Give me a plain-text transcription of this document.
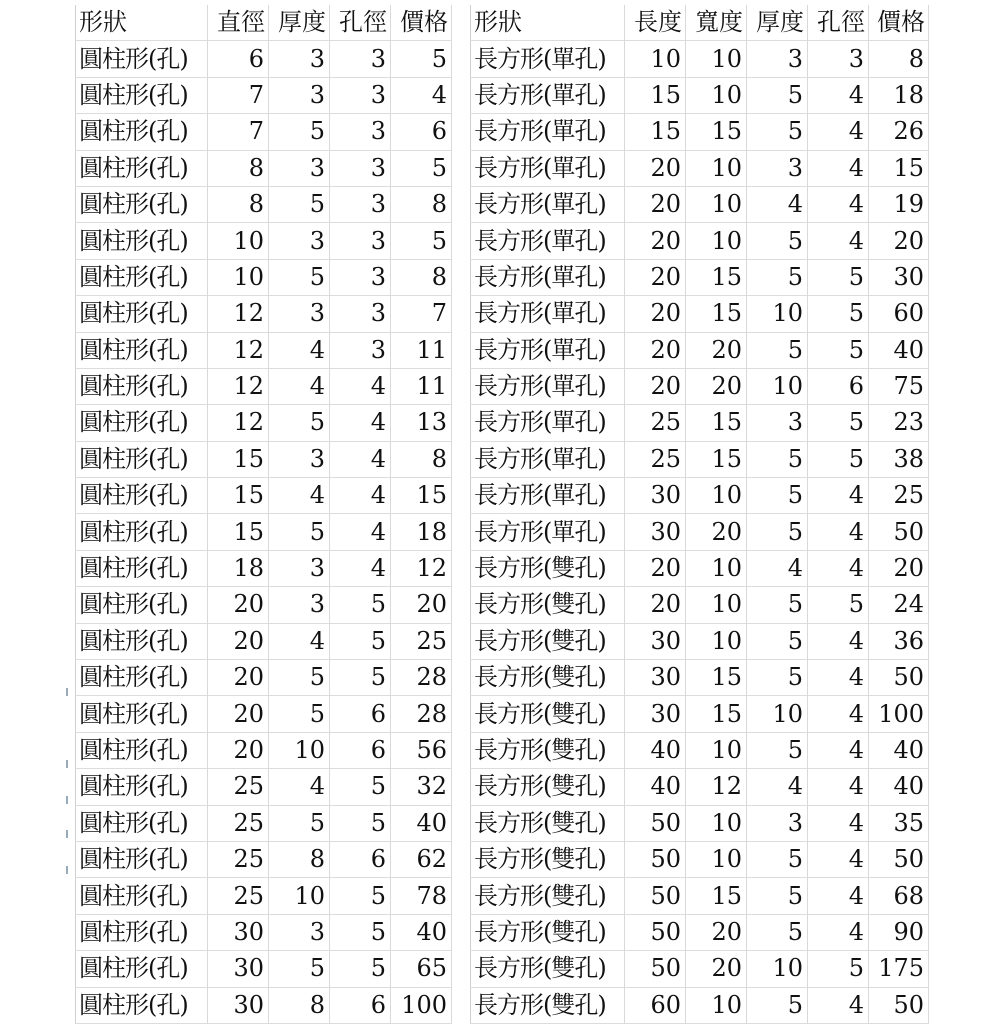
形狀	直徑	厚度	孔徑	價格
圓柱形(孔)	6	3	3	5
圓柱形(孔)	7	3	3	4
圓柱形(孔)	7	5	3	6
圓柱形(孔)	8	3	3	5
圓柱形(孔)	8	5	3	8
圓柱形(孔)	10	3	3	5
圓柱形(孔)	10	5	3	8
圓柱形(孔)	12	3	3	7
圓柱形(孔)	12	4	3	11
圓柱形(孔)	12	4	4	11
圓柱形(孔)	12	5	4	13
圓柱形(孔)	15	3	4	8
圓柱形(孔)	15	4	4	15
圓柱形(孔)	15	5	4	18
圓柱形(孔)	18	3	4	12
圓柱形(孔)	20	3	5	20
圓柱形(孔)	20	4	5	25
圓柱形(孔)	20	5	5	28
圓柱形(孔)	20	5	6	28
圓柱形(孔)	20	10	6	56
圓柱形(孔)	25	4	5	32
圓柱形(孔)	25	5	5	40
圓柱形(孔)	25	8	6	62
圓柱形(孔)	25	10	5	78
圓柱形(孔)	30	3	5	40
圓柱形(孔)	30	5	5	65
圓柱形(孔)	30	8	6	100
形狀	長度	寬度	厚度	孔徑	價格
長方形(單孔)	10	10	3	3	8
長方形(單孔)	15	10	5	4	18
長方形(單孔)	15	15	5	4	26
長方形(單孔)	20	10	3	4	15
長方形(單孔)	20	10	4	4	19
長方形(單孔)	20	10	5	4	20
長方形(單孔)	20	15	5	5	30
長方形(單孔)	20	15	10	5	60
長方形(單孔)	20	20	5	5	40
長方形(單孔)	20	20	10	6	75
長方形(單孔)	25	15	3	5	23
長方形(單孔)	25	15	5	5	38
長方形(單孔)	30	10	5	4	25
長方形(單孔)	30	20	5	4	50
長方形(雙孔)	20	10	4	4	20
長方形(雙孔)	20	10	5	5	24
長方形(雙孔)	30	10	5	4	36
長方形(雙孔)	30	15	5	4	50
長方形(雙孔)	30	15	10	4	100
長方形(雙孔)	40	10	5	4	40
長方形(雙孔)	40	12	4	4	40
長方形(雙孔)	50	10	3	4	35
長方形(雙孔)	50	10	5	4	50
長方形(雙孔)	50	15	5	4	68
長方形(雙孔)	50	20	5	4	90
長方形(雙孔)	50	20	10	5	175
長方形(雙孔)	60	10	5	4	50
